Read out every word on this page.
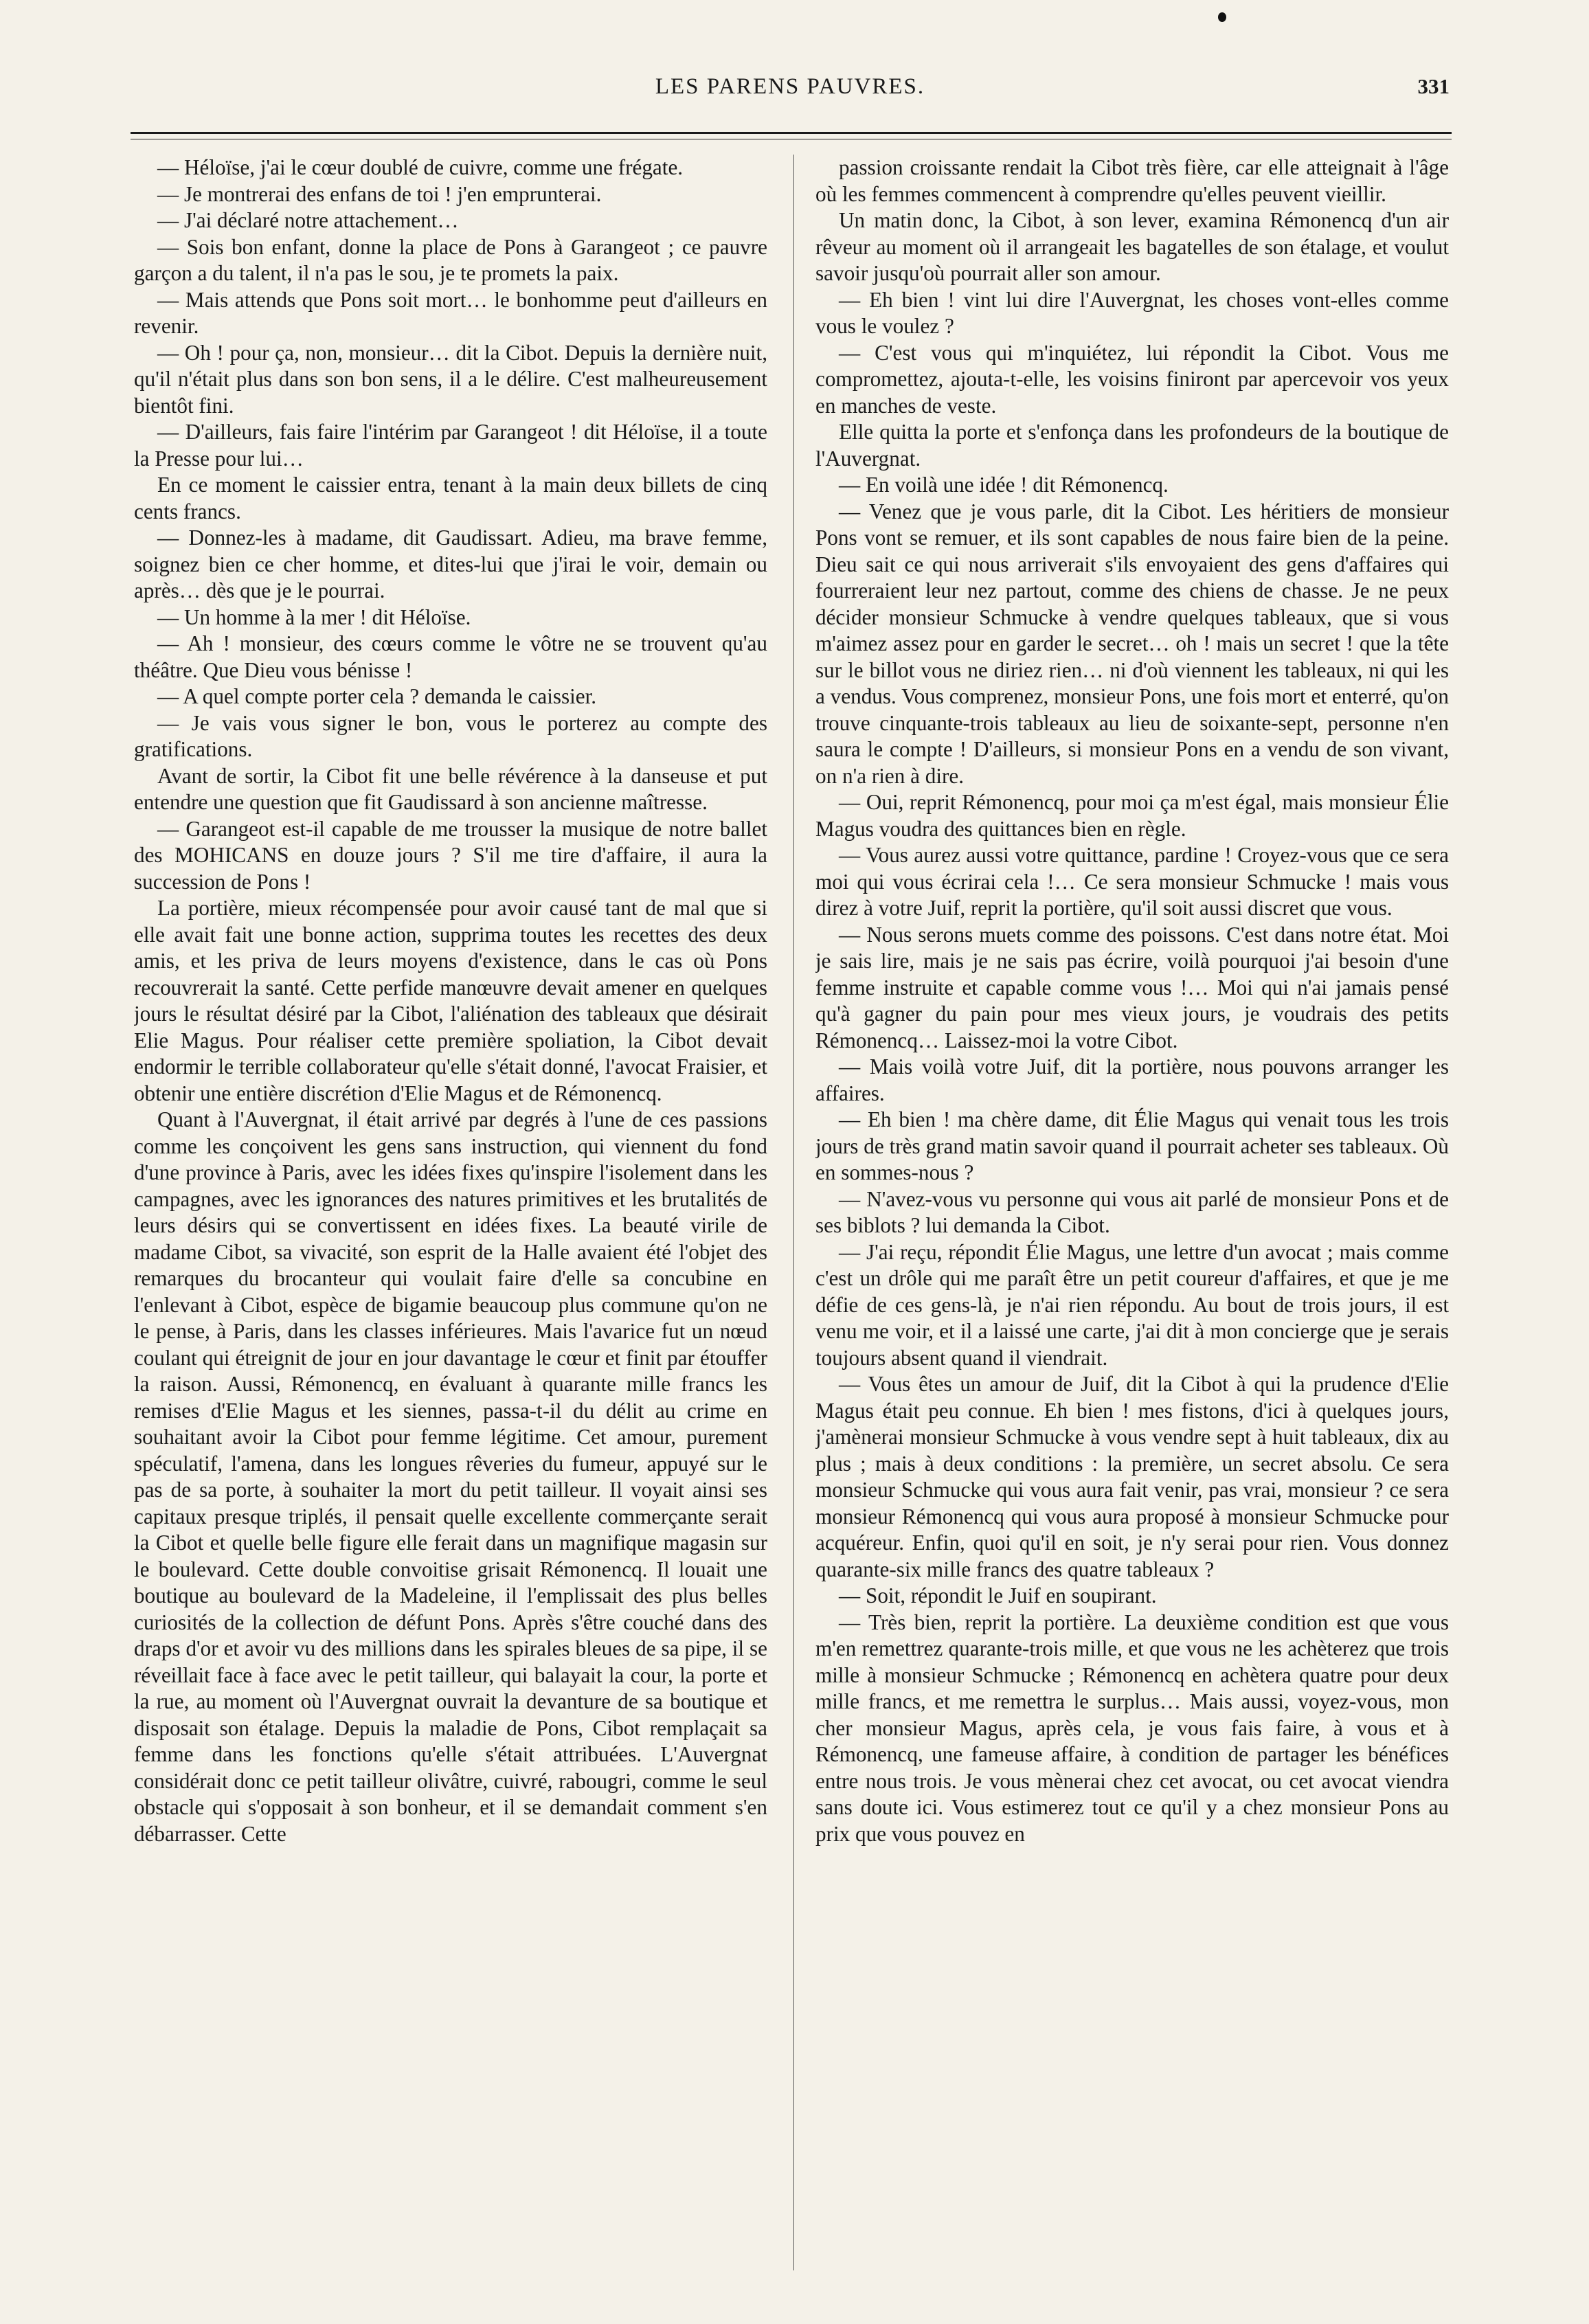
LES PARENS PAUVRES.	331

— Héloïse, j'ai le cœur doublé de cuivre, comme une frégate.

— Je montrerai des enfans de toi ! j'en emprunterai.

— J'ai déclaré notre attachement…

— Sois bon enfant, donne la place de Pons à Garangeot ; ce pauvre garçon a du talent, il n'a pas le sou, je te promets la paix.

— Mais attends que Pons soit mort… le bonhomme peut d'ailleurs en revenir.

— Oh ! pour ça, non, monsieur… dit la Cibot. Depuis la dernière nuit, qu'il n'était plus dans son bon sens, il a le délire. C'est malheureusement bientôt fini.

— D'ailleurs, fais faire l'intérim par Garangeot ! dit Héloïse, il a toute la Presse pour lui…

En ce moment le caissier entra, tenant à la main deux billets de cinq cents francs.

— Donnez-les à madame, dit Gaudissart. Adieu, ma brave femme, soignez bien ce cher homme, et dites-lui que j'irai le voir, demain ou après… dès que je le pourrai.

— Un homme à la mer ! dit Héloïse.

— Ah ! monsieur, des cœurs comme le vôtre ne se trouvent qu'au théâtre. Que Dieu vous bénisse !

— A quel compte porter cela ? demanda le caissier.

— Je vais vous signer le bon, vous le porterez au compte des gratifications.

Avant de sortir, la Cibot fit une belle révérence à la danseuse et put entendre une question que fit Gaudissard à son ancienne maîtresse.

— Garangeot est-il capable de me trousser la musique de notre ballet des MOHICANS en douze jours ? S'il me tire d'affaire, il aura la succession de Pons !

La portière, mieux récompensée pour avoir causé tant de mal que si elle avait fait une bonne action, supprima toutes les recettes des deux amis, et les priva de leurs moyens d'existence, dans le cas où Pons recouvrerait la santé. Cette perfide manœuvre devait amener en quelques jours le résultat désiré par la Cibot, l'aliénation des tableaux que désirait Elie Magus. Pour réaliser cette première spoliation, la Cibot devait endormir le terrible collaborateur qu'elle s'était donné, l'avocat Fraisier, et obtenir une entière discrétion d'Elie Magus et de Rémonencq.

Quant à l'Auvergnat, il était arrivé par degrés à l'une de ces passions comme les conçoivent les gens sans instruction, qui viennent du fond d'une province à Paris, avec les idées fixes qu'inspire l'isolement dans les campagnes, avec les ignorances des natures primitives et les brutalités de leurs désirs qui se convertissent en idées fixes. La beauté virile de madame Cibot, sa vivacité, son esprit de la Halle avaient été l'objet des remarques du brocanteur qui voulait faire d'elle sa concubine en l'enlevant à Cibot, espèce de bigamie beaucoup plus commune qu'on ne le pense, à Paris, dans les classes inférieures. Mais l'avarice fut un nœud coulant qui étreignit de jour en jour davantage le cœur et finit par étouffer la raison. Aussi, Rémonencq, en évaluant à quarante mille francs les remises d'Elie Magus et les siennes, passa-t-il du délit au crime en souhaitant avoir la Cibot pour femme légitime. Cet amour, purement spéculatif, l'amena, dans les longues rêveries du fumeur, appuyé sur le pas de sa porte, à souhaiter la mort du petit tailleur. Il voyait ainsi ses capitaux presque triplés, il pensait quelle excellente commerçante serait la Cibot et quelle belle figure elle ferait dans un magnifique magasin sur le boulevard. Cette double convoitise grisait Rémonencq. Il louait une boutique au boulevard de la Madeleine, il l'emplissait des plus belles curiosités de la collection de défunt Pons. Après s'être couché dans des draps d'or et avoir vu des millions dans les spirales bleues de sa pipe, il se réveillait face à face avec le petit tailleur, qui balayait la cour, la porte et la rue, au moment où l'Auvergnat ouvrait la devanture de sa boutique et disposait son étalage. Depuis la maladie de Pons, Cibot remplaçait sa femme dans les fonctions qu'elle s'était attribuées. L'Auvergnat considérait donc ce petit tailleur olivâtre, cuivré, rabougri, comme le seul obstacle qui s'opposait à son bonheur, et il se demandait comment s'en débarrasser. Cette

passion croissante rendait la Cibot très fière, car elle atteignait à l'âge où les femmes commencent à comprendre qu'elles peuvent vieillir.

Un matin donc, la Cibot, à son lever, examina Rémonencq d'un air rêveur au moment où il arrangeait les bagatelles de son étalage, et voulut savoir jusqu'où pourrait aller son amour.

— Eh bien ! vint lui dire l'Auvergnat, les choses vont-elles comme vous le voulez ?

— C'est vous qui m'inquiétez, lui répondit la Cibot. Vous me compromettez, ajouta-t-elle, les voisins finiront par apercevoir vos yeux en manches de veste.

Elle quitta la porte et s'enfonça dans les profondeurs de la boutique de l'Auvergnat.

— En voilà une idée ! dit Rémonencq.

— Venez que je vous parle, dit la Cibot. Les héritiers de monsieur Pons vont se remuer, et ils sont capables de nous faire bien de la peine. Dieu sait ce qui nous arriverait s'ils envoyaient des gens d'affaires qui fourreraient leur nez partout, comme des chiens de chasse. Je ne peux décider monsieur Schmucke à vendre quelques tableaux, que si vous m'aimez assez pour en garder le secret… oh ! mais un secret ! que la tête sur le billot vous ne diriez rien… ni d'où viennent les tableaux, ni qui les a vendus. Vous comprenez, monsieur Pons, une fois mort et enterré, qu'on trouve cinquante-trois tableaux au lieu de soixante-sept, personne n'en saura le compte ! D'ailleurs, si monsieur Pons en a vendu de son vivant, on n'a rien à dire.

— Oui, reprit Rémonencq, pour moi ça m'est égal, mais monsieur Élie Magus voudra des quittances bien en règle.

— Vous aurez aussi votre quittance, pardine ! Croyez-vous que ce sera moi qui vous écrirai cela !… Ce sera monsieur Schmucke ! mais vous direz à votre Juif, reprit la portière, qu'il soit aussi discret que vous.

— Nous serons muets comme des poissons. C'est dans notre état. Moi je sais lire, mais je ne sais pas écrire, voilà pourquoi j'ai besoin d'une femme instruite et capable comme vous !… Moi qui n'ai jamais pensé qu'à gagner du pain pour mes vieux jours, je voudrais des petits Rémonencq… Laissez-moi la votre Cibot.

— Mais voilà votre Juif, dit la portière, nous pouvons arranger les affaires.

— Eh bien ! ma chère dame, dit Élie Magus qui venait tous les trois jours de très grand matin savoir quand il pourrait acheter ses tableaux. Où en sommes-nous ?

— N'avez-vous vu personne qui vous ait parlé de monsieur Pons et de ses biblots ? lui demanda la Cibot.

— J'ai reçu, répondit Élie Magus, une lettre d'un avocat ; mais comme c'est un drôle qui me paraît être un petit coureur d'affaires, et que je me défie de ces gens-là, je n'ai rien répondu. Au bout de trois jours, il est venu me voir, et il a laissé une carte, j'ai dit à mon concierge que je serais toujours absent quand il viendrait.

— Vous êtes un amour de Juif, dit la Cibot à qui la prudence d'Elie Magus était peu connue. Eh bien ! mes fistons, d'ici à quelques jours, j'amènerai monsieur Schmucke à vous vendre sept à huit tableaux, dix au plus ; mais à deux conditions : la première, un secret absolu. Ce sera monsieur Schmucke qui vous aura fait venir, pas vrai, monsieur ? ce sera monsieur Rémonencq qui vous aura proposé à monsieur Schmucke pour acquéreur. Enfin, quoi qu'il en soit, je n'y serai pour rien. Vous donnez quarante-six mille francs des quatre tableaux ?

— Soit, répondit le Juif en soupirant.

— Très bien, reprit la portière. La deuxième condition est que vous m'en remettrez quarante-trois mille, et que vous ne les achèterez que trois mille à monsieur Schmucke ; Rémonencq en achètera quatre pour deux mille francs, et me remettra le surplus… Mais aussi, voyez-vous, mon cher monsieur Magus, après cela, je vous fais faire, à vous et à Rémonencq, une fameuse affaire, à condition de partager les bénéfices entre nous trois. Je vous mènerai chez cet avocat, ou cet avocat viendra sans doute ici. Vous estimerez tout ce qu'il y a chez monsieur Pons au prix que vous pouvez en
